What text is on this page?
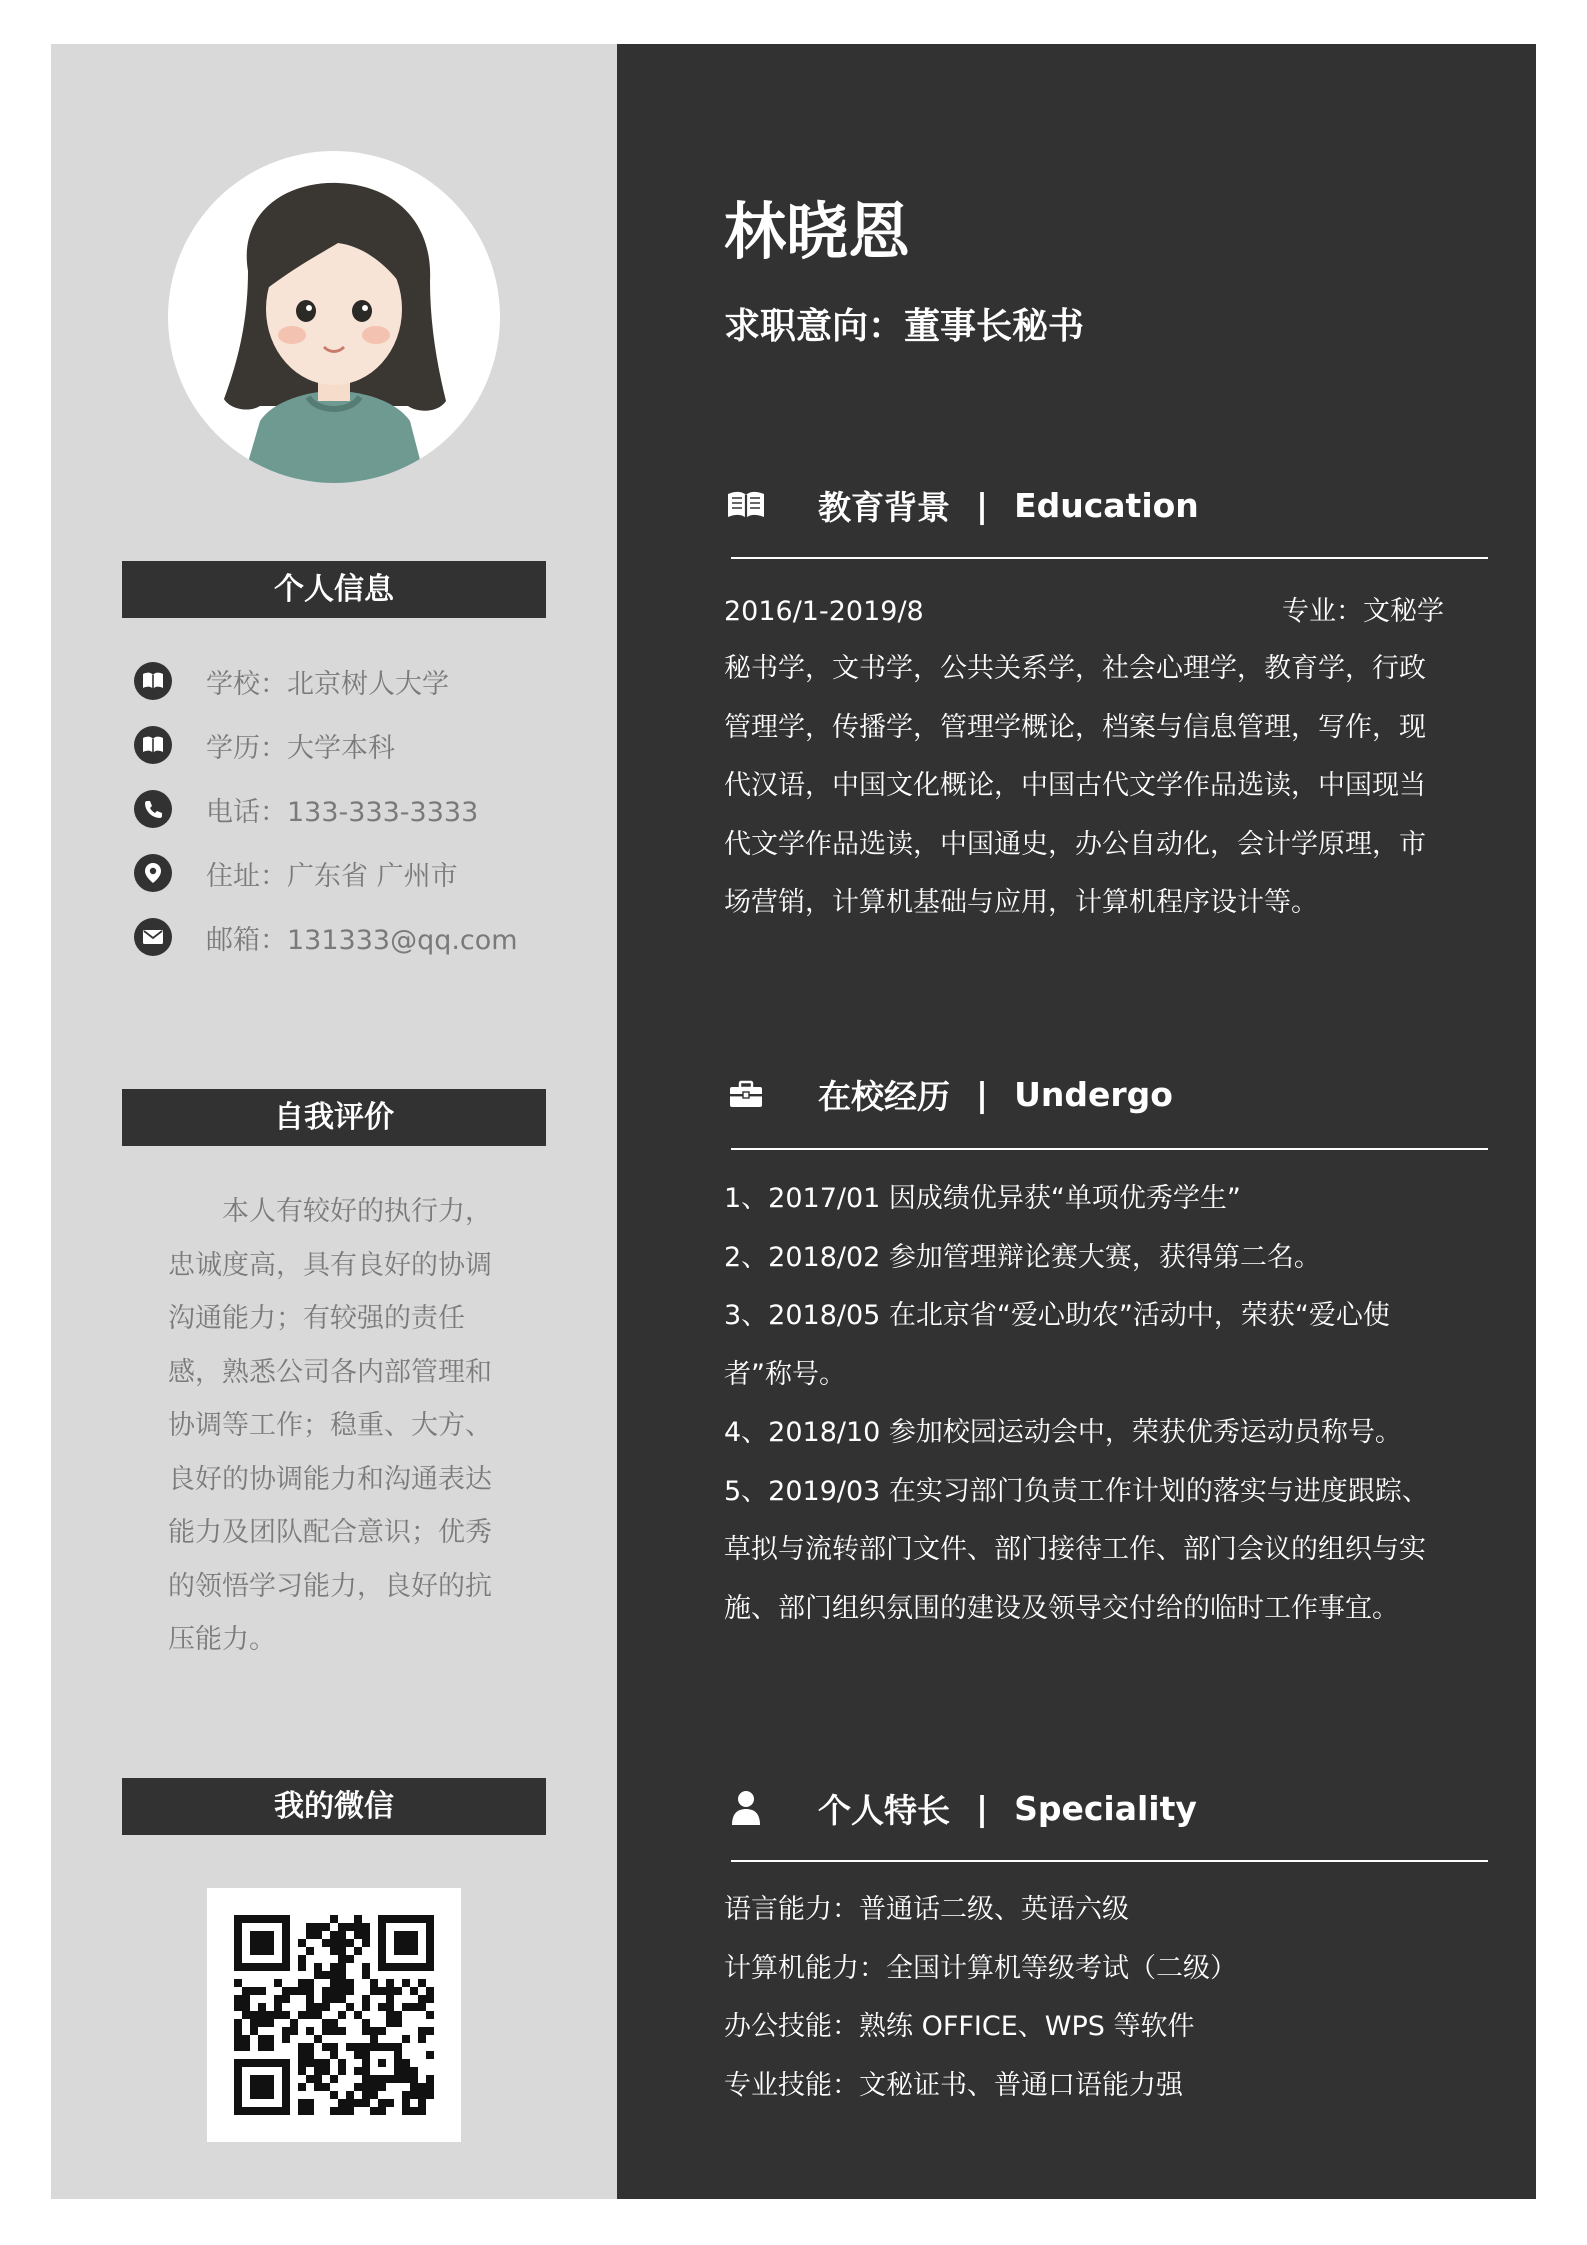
个人信息
学校：北京树人大学
学历：大学本科
电话：133-333-3333
住址：广东省 广州市
邮箱：131333@qq.com
自我评价
本人有较好的执行力，忠诚度高，具有良好的协调沟通能力；有较强的责任感，熟悉公司各内部管理和协调等工作；稳重、大方、良好的协调能力和沟通表达能力及团队配合意识；优秀的领悟学习能力，良好的抗压能力。
我的微信
林晓恩
求职意向：董事长秘书
教育背景 | Education
2016/1-2019/8	专业：文秘学
秘书学，文书学，公共关系学，社会心理学，教育学，行政管理学，传播学，管理学概论，档案与信息管理，写作，现代汉语，中国文化概论，中国古代文学作品选读，中国现当代文学作品选读，中国通史，办公自动化，会计学原理，市场营销，计算机基础与应用，计算机程序设计等。
在校经历 | Undergo
1、2017/01 因成绩优异获“单项优秀学生”
2、2018/02 参加管理辩论赛大赛，获得第二名。
3、2018/05 在北京省“爱心助农”活动中，荣获“爱心使者”称号。
4、2018/10 参加校园运动会中，荣获优秀运动员称号。
5、2019/03 在实习部门负责工作计划的落实与进度跟踪、草拟与流转部门文件、部门接待工作、部门会议的组织与实施、部门组织氛围的建设及领导交付给的临时工作事宜。
个人特长 | Speciality
语言能力：普通话二级、英语六级
计算机能力：全国计算机等级考试（二级）
办公技能：熟练 OFFICE、WPS 等软件
专业技能：文秘证书、普通口语能力强
